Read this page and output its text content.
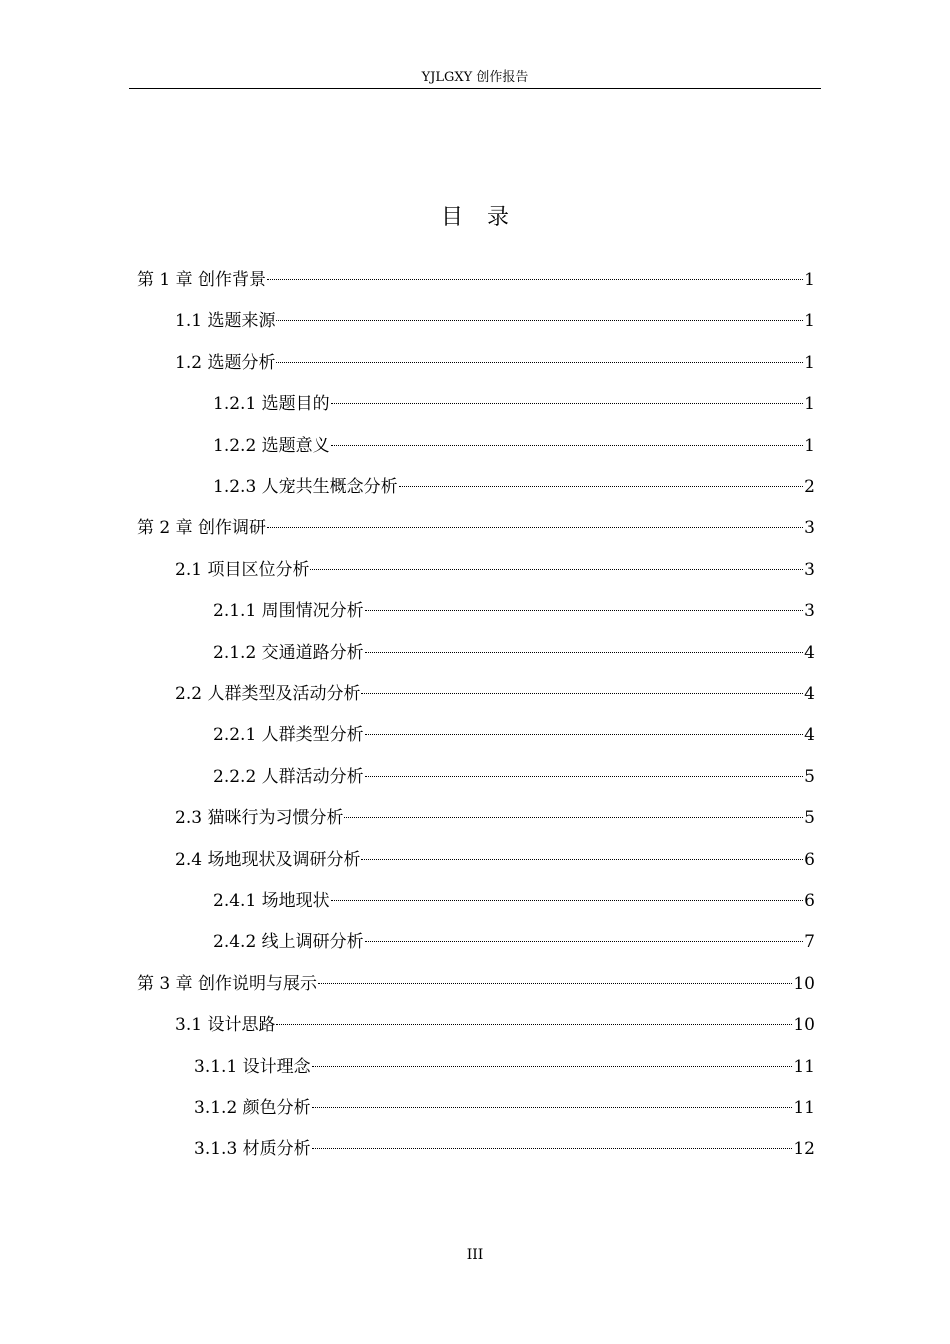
YJLGXY 创作报告
目录
第 1 章 创作背景	1
1.1 选题来源	1
1.2 选题分析	1
1.2.1 选题目的	1
1.2.2 选题意义	1
1.2.3 人宠共生概念分析	2
第 2 章 创作调研	3
2.1 项目区位分析	3
2.1.1 周围情况分析	3
2.1.2 交通道路分析	4
2.2 人群类型及活动分析	4
2.2.1 人群类型分析	4
2.2.2 人群活动分析	5
2.3 猫咪行为习惯分析	5
2.4 场地现状及调研分析	6
2.4.1 场地现状	6
2.4.2 线上调研分析	7
第 3 章 创作说明与展示	10
3.1 设计思路	10
3.1.1 设计理念	11
3.1.2 颜色分析	11
3.1.3 材质分析	12
III
